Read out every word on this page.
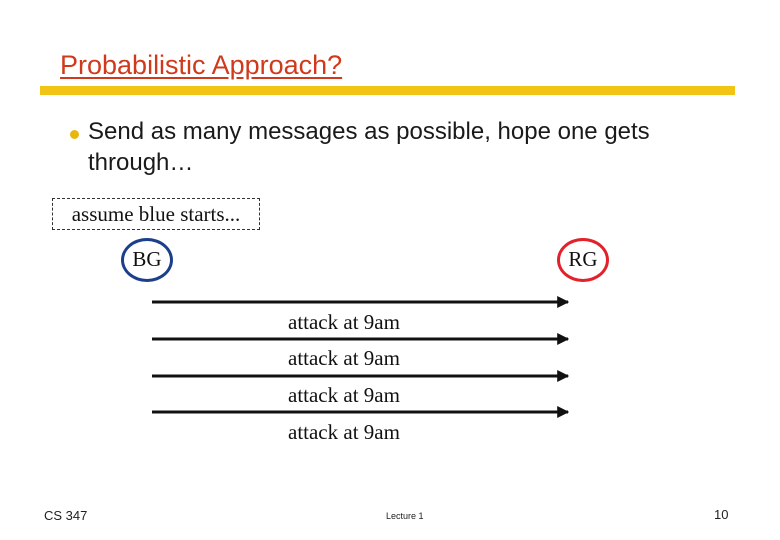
Probabilistic Approach?
Send as many messages as possible, hope one gets through…
assume blue starts...
BG	RG
attack at 9am
attack at 9am
attack at 9am
attack at 9am
CS 347	Lecture 1	10
